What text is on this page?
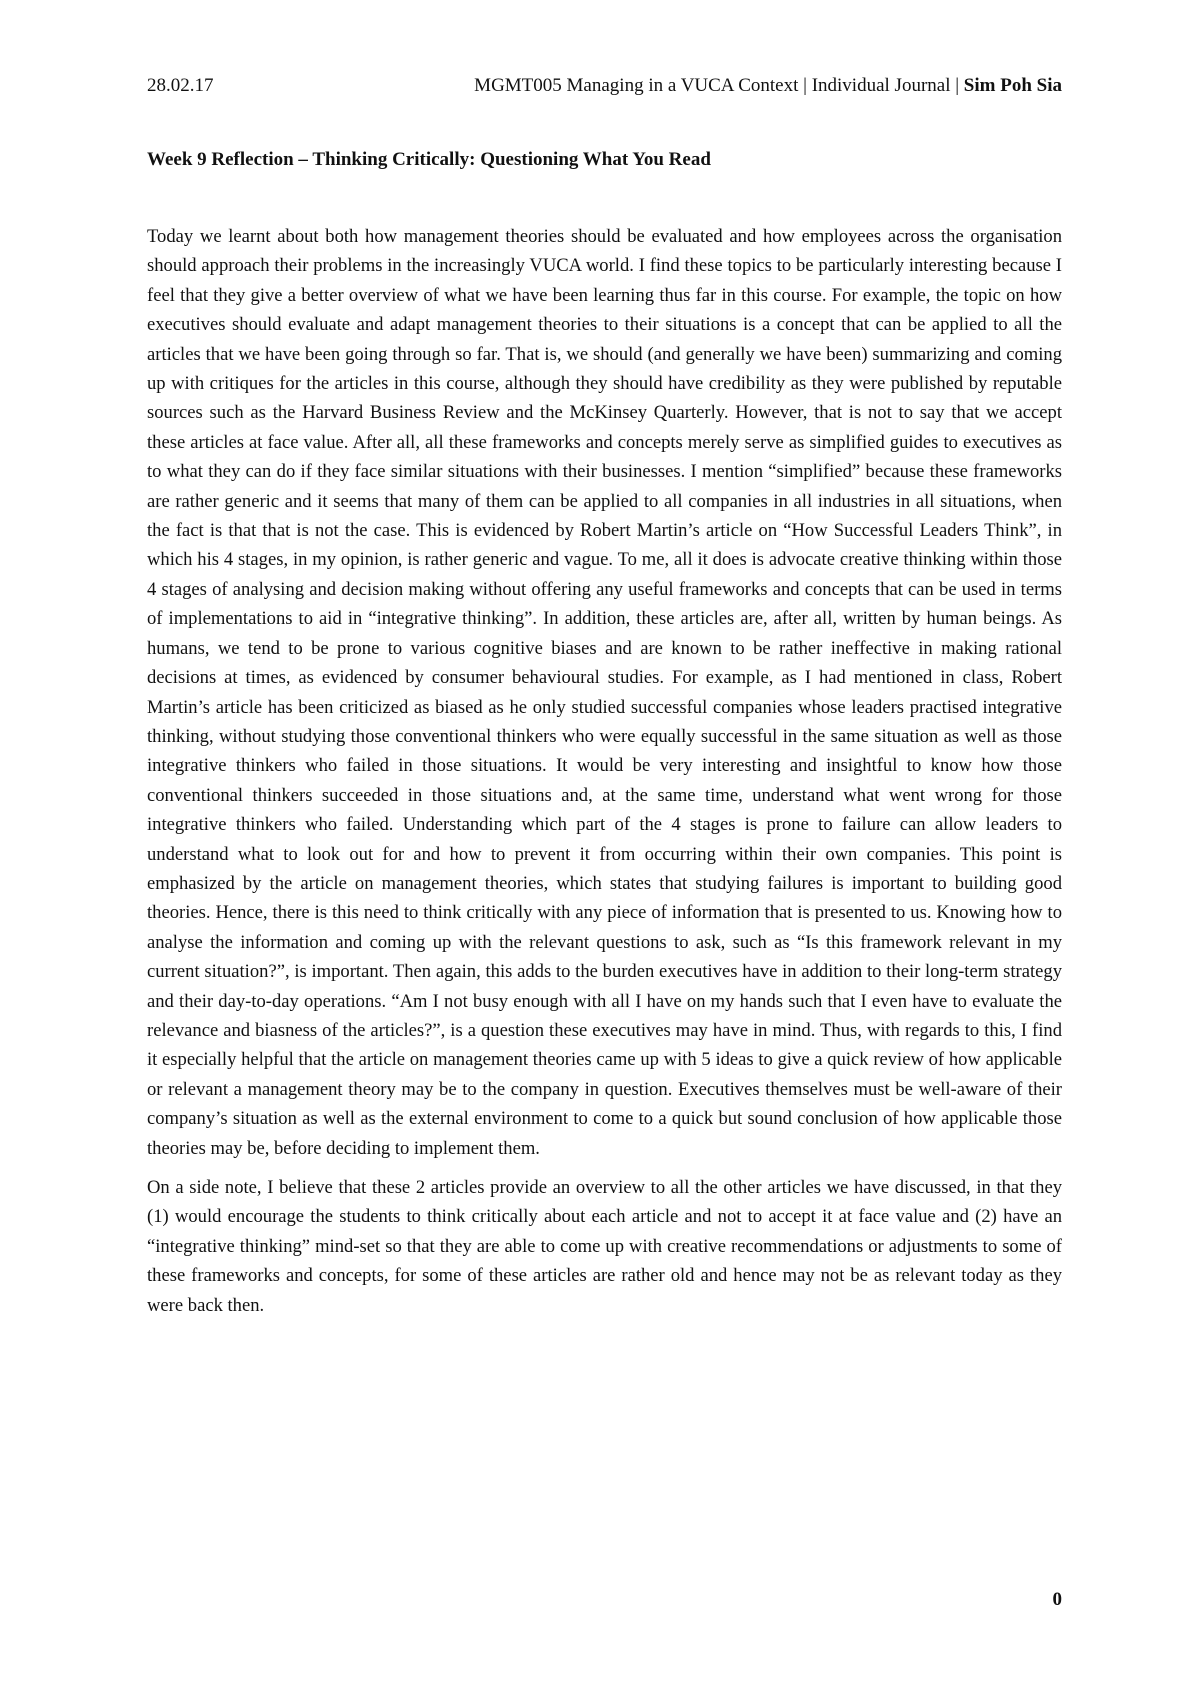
28.02.17	MGMT005 Managing in a VUCA Context | Individual Journal | Sim Poh Sia
Week 9 Reflection – Thinking Critically: Questioning What You Read

Today we learnt about both how management theories should be evaluated and how employees across the organisation should approach their problems in the increasingly VUCA world. I find these topics to be particularly interesting because I feel that they give a better overview of what we have been learning thus far in this course. For example, the topic on how executives should evaluate and adapt management theories to their situations is a concept that can be applied to all the articles that we have been going through so far. That is, we should (and generally we have been) summarizing and coming up with critiques for the articles in this course, although they should have credibility as they were published by reputable sources such as the Harvard Business Review and the McKinsey Quarterly. However, that is not to say that we accept these articles at face value. After all, all these frameworks and concepts merely serve as simplified guides to executives as to what they can do if they face similar situations with their businesses. I mention “simplified” because these frameworks are rather generic and it seems that many of them can be applied to all companies in all industries in all situations, when the fact is that that is not the case. This is evidenced by Robert Martin’s article on “How Successful Leaders Think”, in which his 4 stages, in my opinion, is rather generic and vague. To me, all it does is advocate creative thinking within those 4 stages of analysing and decision making without offering any useful frameworks and concepts that can be used in terms of implementations to aid in “integrative thinking”. In addition, these articles are, after all, written by human beings. As humans, we tend to be prone to various cognitive biases and are known to be rather ineffective in making rational decisions at times, as evidenced by consumer behavioural studies. For example, as I had mentioned in class, Robert Martin’s article has been criticized as biased as he only studied successful companies whose leaders practised integrative thinking, without studying those conventional thinkers who were equally successful in the same situation as well as those integrative thinkers who failed in those situations. It would be very interesting and insightful to know how those conventional thinkers succeeded in those situations and, at the same time, understand what went wrong for those integrative thinkers who failed. Understanding which part of the 4 stages is prone to failure can allow leaders to understand what to look out for and how to prevent it from occurring within their own companies. This point is emphasized by the article on management theories, which states that studying failures is important to building good theories. Hence, there is this need to think critically with any piece of information that is presented to us. Knowing how to analyse the information and coming up with the relevant questions to ask, such as “Is this framework relevant in my current situation?”, is important. Then again, this adds to the burden executives have in addition to their long-term strategy and their day-to-day operations. “Am I not busy enough with all I have on my hands such that I even have to evaluate the relevance and biasness of the articles?”, is a question these executives may have in mind. Thus, with regards to this, I find it especially helpful that the article on management theories came up with 5 ideas to give a quick review of how applicable or relevant a management theory may be to the company in question. Executives themselves must be well-aware of their company’s situation as well as the external environment to come to a quick but sound conclusion of how applicable those theories may be, before deciding to implement them.

On a side note, I believe that these 2 articles provide an overview to all the other articles we have discussed, in that they (1) would encourage the students to think critically about each article and not to accept it at face value and (2) have an “integrative thinking” mind-set so that they are able to come up with creative recommendations or adjustments to some of these frameworks and concepts, for some of these articles are rather old and hence may not be as relevant today as they were back then.

0
